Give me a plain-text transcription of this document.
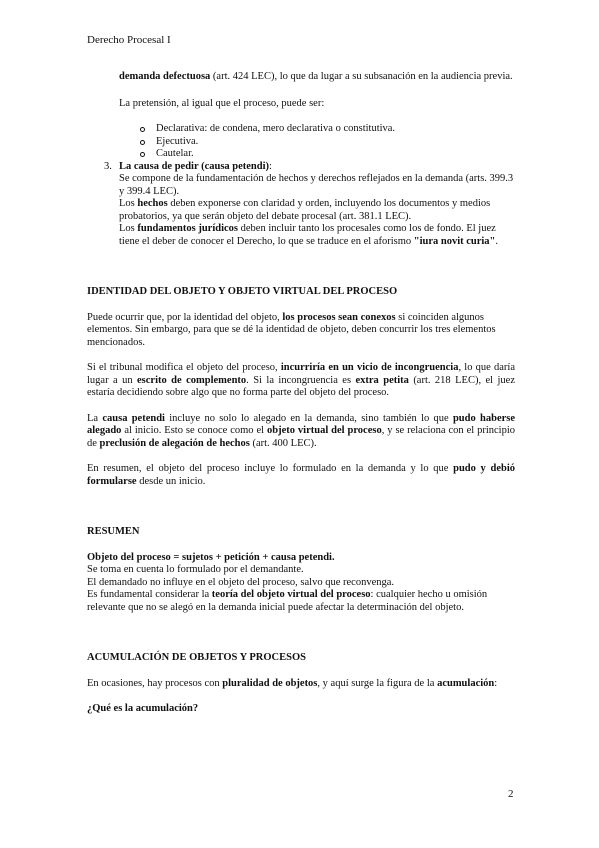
Derecho Procesal I

demanda defectuosa (art. 424 LEC), lo que da lugar a su subsanación en la audiencia previa.

La pretensión, al igual que el proceso, puede ser:

Declarativa: de condena, mero declarativa o constitutiva.
Ejecutiva.
Cautelar.
3. La causa de pedir (causa petendi):

Se compone de la fundamentación de hechos y derechos reflejados en la demanda (arts. 399.3 y 399.4 LEC).

Los hechos deben exponerse con claridad y orden, incluyendo los documentos y medios probatorios, ya que serán objeto del debate procesal (art. 381.1 LEC).

Los fundamentos jurídicos deben incluir tanto los procesales como los de fondo. El juez tiene el deber de conocer el Derecho, lo que se traduce en el aforismo "iura novit curia".

IDENTIDAD DEL OBJETO Y OBJETO VIRTUAL DEL PROCESO

Puede ocurrir que, por la identidad del objeto, los procesos sean conexos si coinciden algunos elementos. Sin embargo, para que se dé la identidad de objeto, deben concurrir los tres elementos mencionados.

Si el tribunal modifica el objeto del proceso, incurriría en un vicio de incongruencia, lo que daría lugar a un escrito de complemento. Si la incongruencia es extra petita (art. 218 LEC), el juez estaría decidiendo sobre algo que no forma parte del objeto del proceso.

La causa petendi incluye no solo lo alegado en la demanda, sino también lo que pudo haberse alegado al inicio. Esto se conoce como el objeto virtual del proceso, y se relaciona con el principio de preclusión de alegación de hechos (art. 400 LEC).

En resumen, el objeto del proceso incluye lo formulado en la demanda y lo que pudo y debió formularse desde un inicio.

RESUMEN

Objeto del proceso = sujetos + petición + causa petendi.

Se toma en cuenta lo formulado por el demandante.

El demandado no influye en el objeto del proceso, salvo que reconvenga.

Es fundamental considerar la teoría del objeto virtual del proceso: cualquier hecho u omisión relevante que no se alegó en la demanda inicial puede afectar la determinación del objeto.

ACUMULACIÓN DE OBJETOS Y PROCESOS

En ocasiones, hay procesos con pluralidad de objetos, y aquí surge la figura de la acumulación:

¿Qué es la acumulación?

2
